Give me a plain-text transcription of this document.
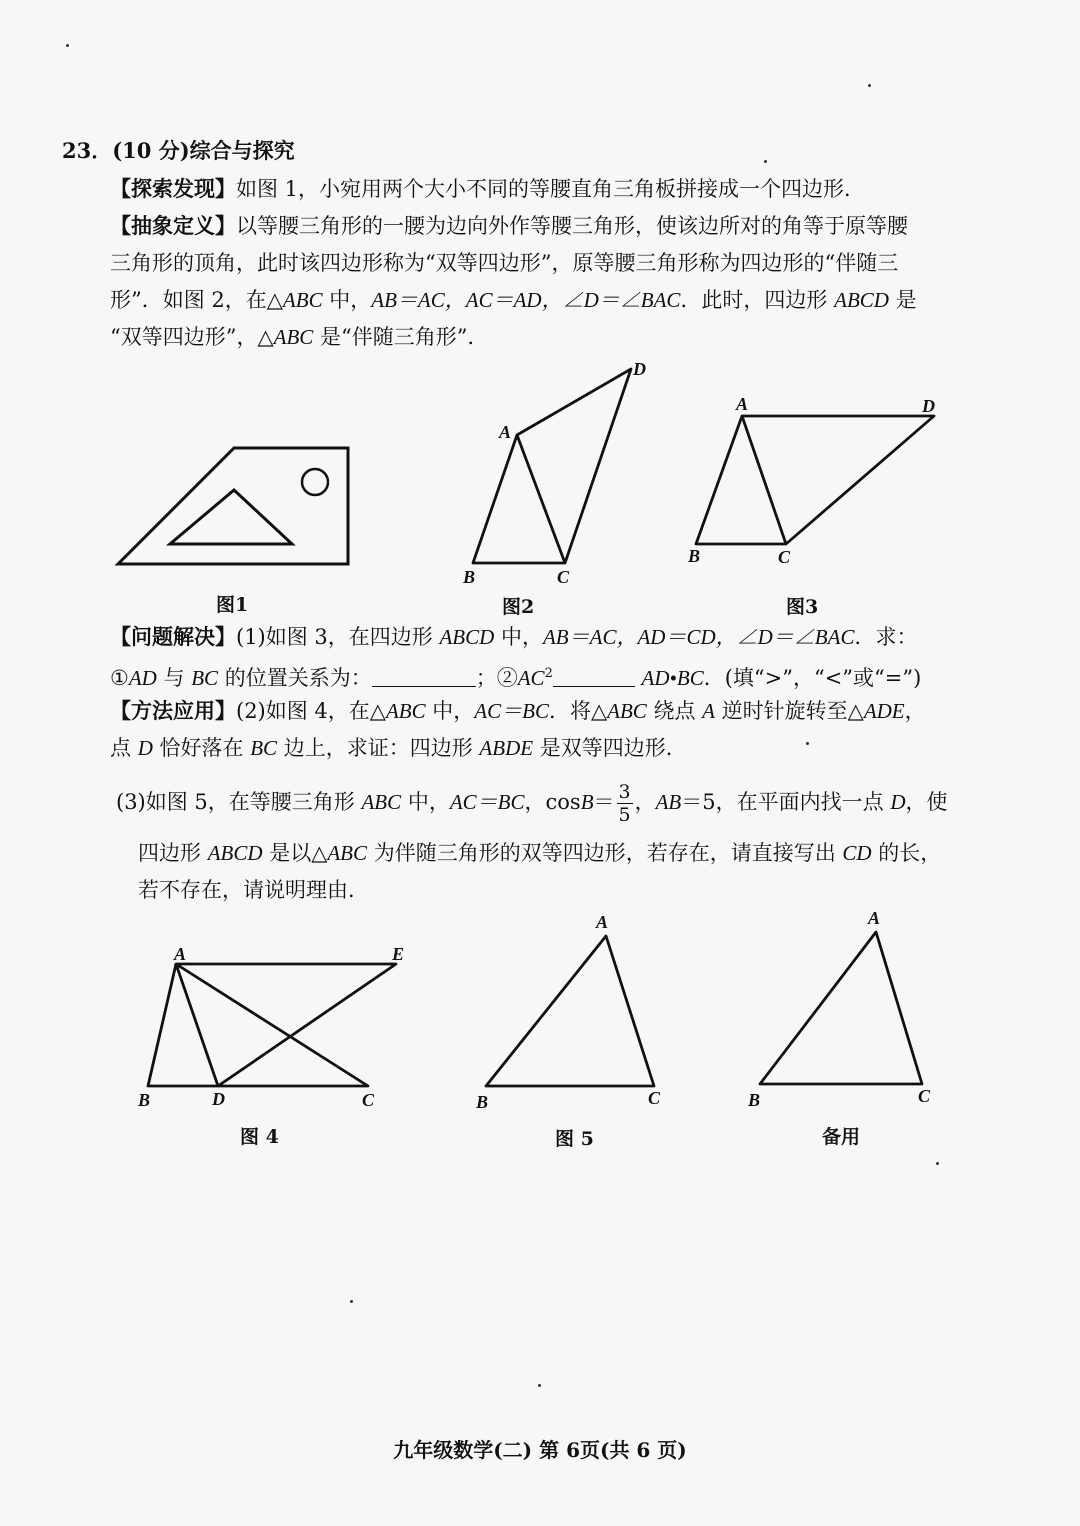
23．(10 分)综合与探究
【探索发现】如图 1，小宛用两个大小不同的等腰直角三角板拼接成一个四边形．
【抽象定义】以等腰三角形的一腰为边向外作等腰三角形，使该边所对的角等于原等腰
三角形的顶角，此时该四边形称为“双等四边形”，原等腰三角形称为四边形的“伴随三
形”．如图 2，在△ABC 中，AB＝AC，AC＝AD，∠D＝∠BAC．此时，四边形 ABCD 是
“双等四边形”，△ABC 是“伴随三角形”．
A
B	C
D
A
B	C
D
图1	图2	图3
【问题解决】(1)如图 3，在四边形 ABCD 中，AB＝AC，AD＝CD，∠D＝∠BAC．求：
①AD 与 BC 的位置关系为：	；$②AC^2$	AD•BC．(填“>”，“<”或“=”)
【方法应用】(2)如图 4，在△ABC 中，AC＝BC．将△ABC 绕点 A 逆时针旋转至△ADE，
点 D 恰好落在 BC 边上，求证：四边形 ABDE 是双等四边形．
(3)如图 5，在等腰三角形 ABC 中，AC＝BC，$\cos B= \frac{3}{5}$ ，AB＝5，在平面内找一点 D，使
四边形 ABCD 是以△ABC 为伴随三角形的双等四边形，若存在，请直接写出 CD 的长，
若不存在，请说明理由．
A
B	C
D
E
A
B	C
A
B	C
图 4	图 5	备用
九年级数学(二) 第 6页(共 6 页)
